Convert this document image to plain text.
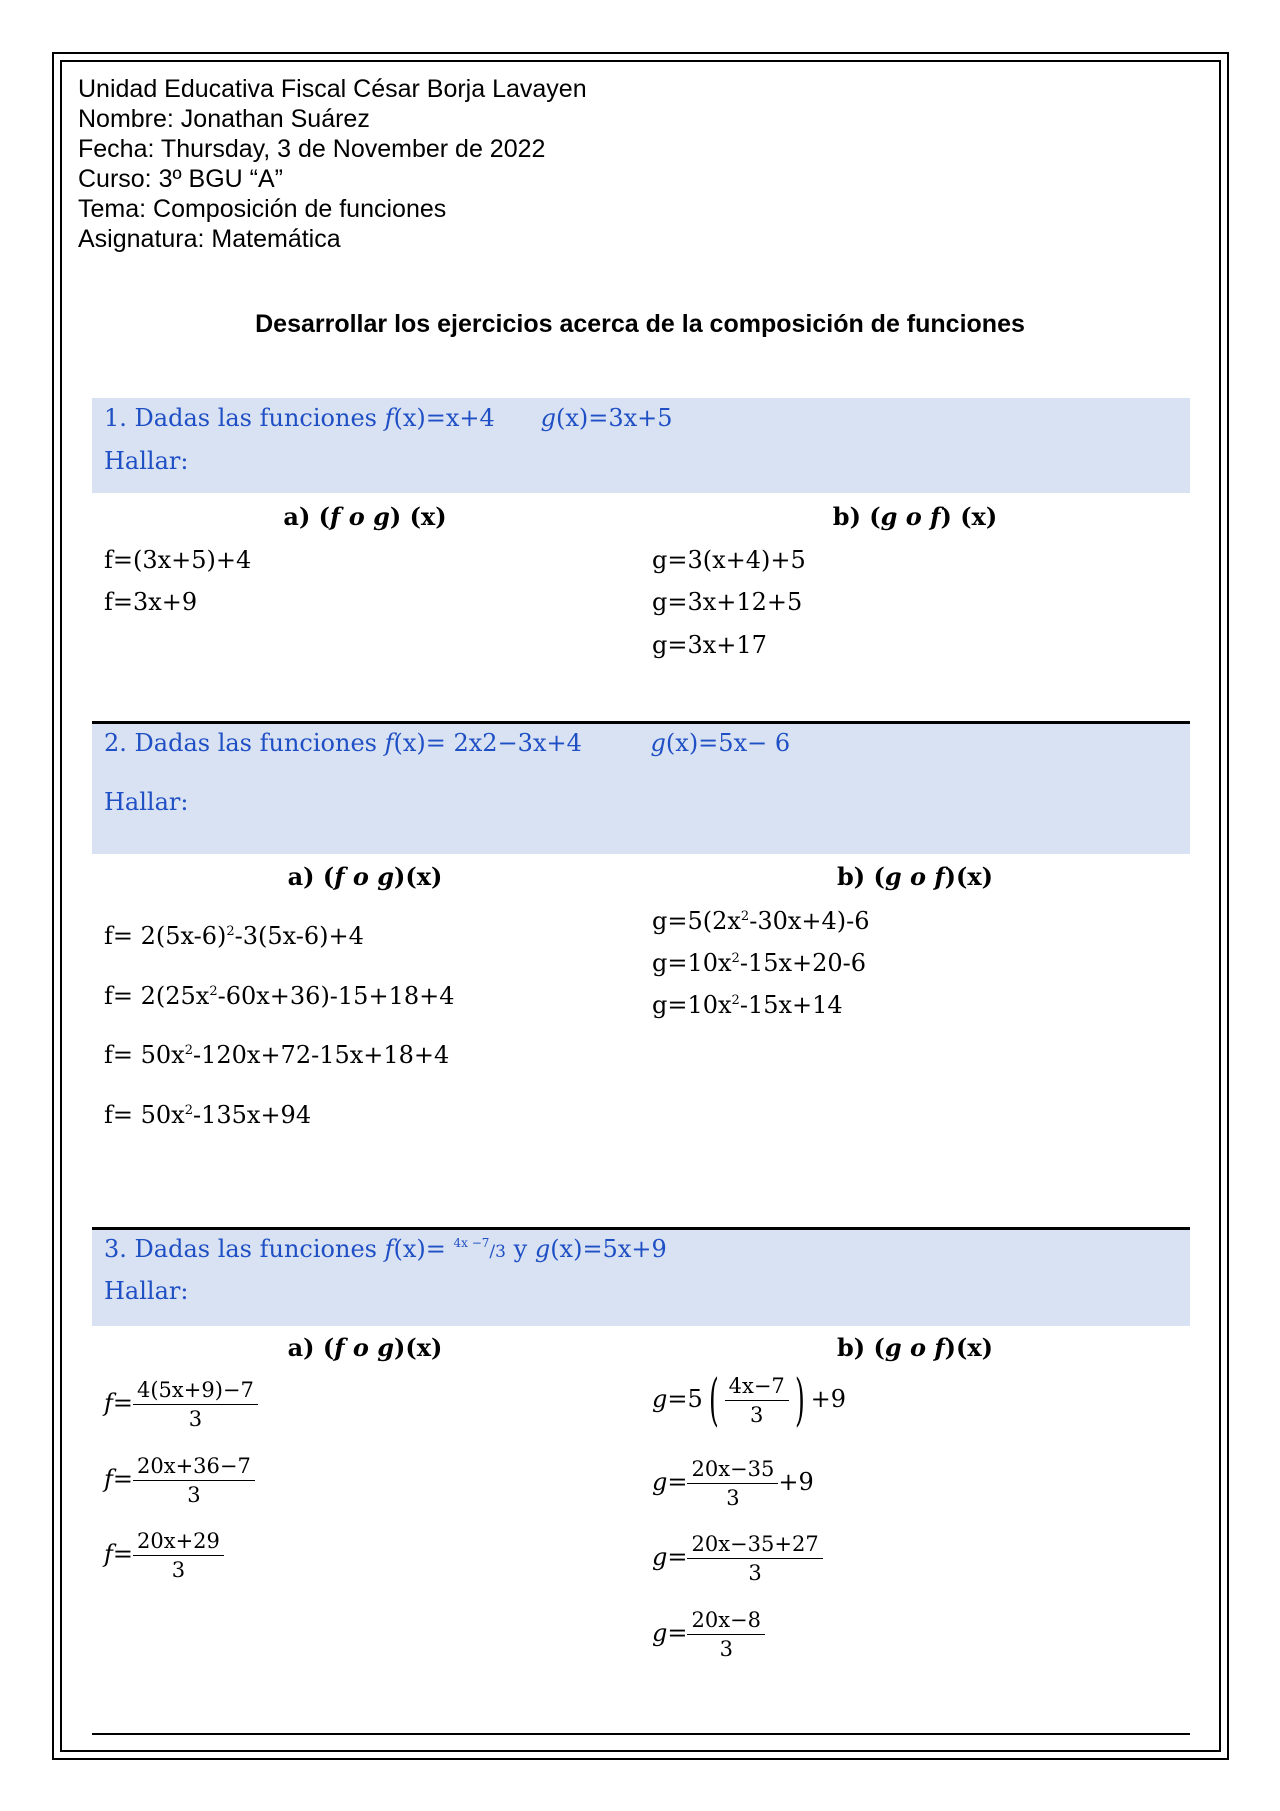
Unidad Educativa Fiscal César Borja Lavayen
Nombre: Jonathan Suárez
Fecha: Thursday, 3 de November de 2022
Curso: 3º BGU “A”
Tema: Composición de funciones
Asignatura: Matemática
Desarrollar los ejercicios acerca de la composición de funciones
1. Dadas las funciones f(x)=x+4 g(x)=3x+5
Hallar:
a) (f o g) (x)	b) (g o f) (x)
f=(3x+5)+4
f=3x+9
g=3(x+4)+5
g=3x+12+5
g=3x+17
2. Dadas las funciones f(x)= 2x2−3x+4	g(x)=5x− 6
Hallar:
a) (f o g)(x)	b) (g o f)(x)
$f= 2(5x-6)^2-3(5x-6)+4$
$f= 2(25x^2-60x+36)-15+18+4$
$f= 50x^2-120x+72-15x+18+4$
$f= 50x^2-135x+94$
$g=5(2x^2-30x+4)-6$
$g=10x^2-15x+20-6$
$g=10x^2-15x+14$
3. Dadas las funciones f(x)= $^{4x -7}$/3 y g(x)=5x+9
Hallar:
a) (f o g)(x)	b) (g o f)(x)
$f= \frac{4(5x+9)-7}{3}$
$f= \frac{20x+36-7}{3}$
$f= \frac{20x+29}{3}$
g=5 ( $\frac{4x-7}{3}$ ) +9
$g= \frac{20x-35}{3} +9$
$g= \frac{20x-35+27}{3}$
$g= \frac{20x-8}{3}$
